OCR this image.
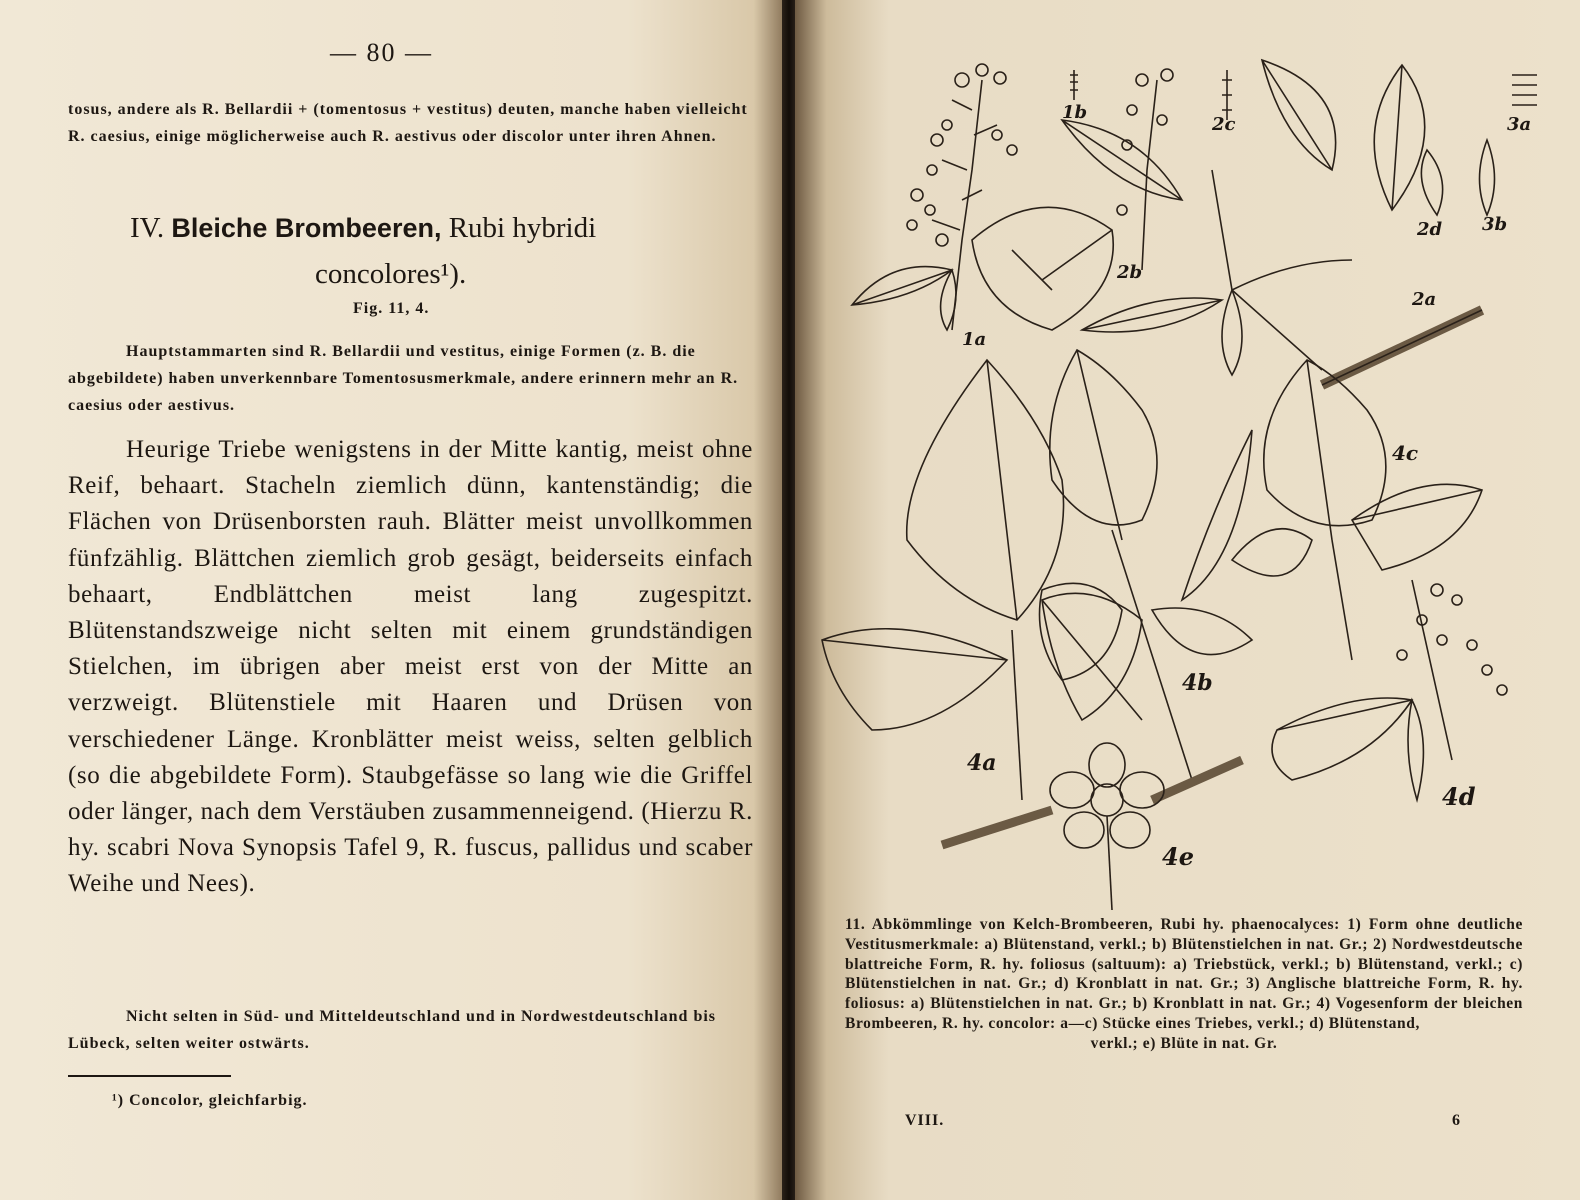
— 80 —
tosus, andere als R. Bellardii + (tomentosus + vestitus) deuten, manche haben vielleicht R. caesius, einige möglicherweise auch R. aestivus oder discolor unter ihren Ahnen.
IV. Bleiche Brombeeren, Rubi hybridi
concolores¹).
Fig. 11, 4.
Hauptstammarten sind R. Bellardii und vestitus, einige Formen (z. B. die abgebildete) haben unverkennbare Tomentosusmerkmale, andere erinnern mehr an R. caesius oder aestivus.
Heurige Triebe wenigstens in der Mitte kantig, meist ohne Reif, behaart. Stacheln ziemlich dünn, kantenständig; die Flächen von Drüsenborsten rauh. Blätter meist unvollkommen fünfzählig. Blättchen ziemlich grob gesägt, beiderseits einfach behaart, Endblättchen meist lang zugespitzt. Blütenstandszweige nicht selten mit einem grundständigen Stielchen, im übrigen aber meist erst von der Mitte an verzweigt. Blütenstiele mit Haaren und Drüsen von verschiedener Länge. Kronblätter meist weiss, selten gelblich (so die abgebildete Form). Staubgefässe so lang wie die Griffel oder länger, nach dem Verstäuben zusammenneigend. (Hierzu R. hy. scabri Nova Synopsis Tafel 9, R. fuscus, pallidus und scaber Weihe und Nees).
Nicht selten in Süd- und Mitteldeutschland und in Nordwestdeutschland bis Lübeck, selten weiter ostwärts.
¹) Concolor, gleichfarbig.
1a
1b
2a
2b
2c
2d
3a
3b
4a
4b
4c
4d
4e
11. Abkömmlinge von Kelch-Brombeeren, Rubi hy. phaenocalyces: 1) Form ohne deutliche Vestitusmerkmale: a) Blütenstand, verkl.; b) Blütenstielchen in nat. Gr.; 2) Nordwestdeutsche blattreiche Form, R. hy. foliosus (saltuum): a) Triebstück, verkl.; b) Blütenstand, verkl.; c) Blütenstielchen in nat. Gr.; d) Kronblatt in nat. Gr.; 3) Anglische blattreiche Form, R. hy. foliosus: a) Blütenstielchen in nat. Gr.; b) Kronblatt in nat. Gr.; 4) Vogesenform der bleichen Brombeeren, R. hy. concolor: a—c) Stücke eines Triebes, verkl.; d) Blütenstand,
verkl.; e) Blüte in nat. Gr.
VIII.	6
